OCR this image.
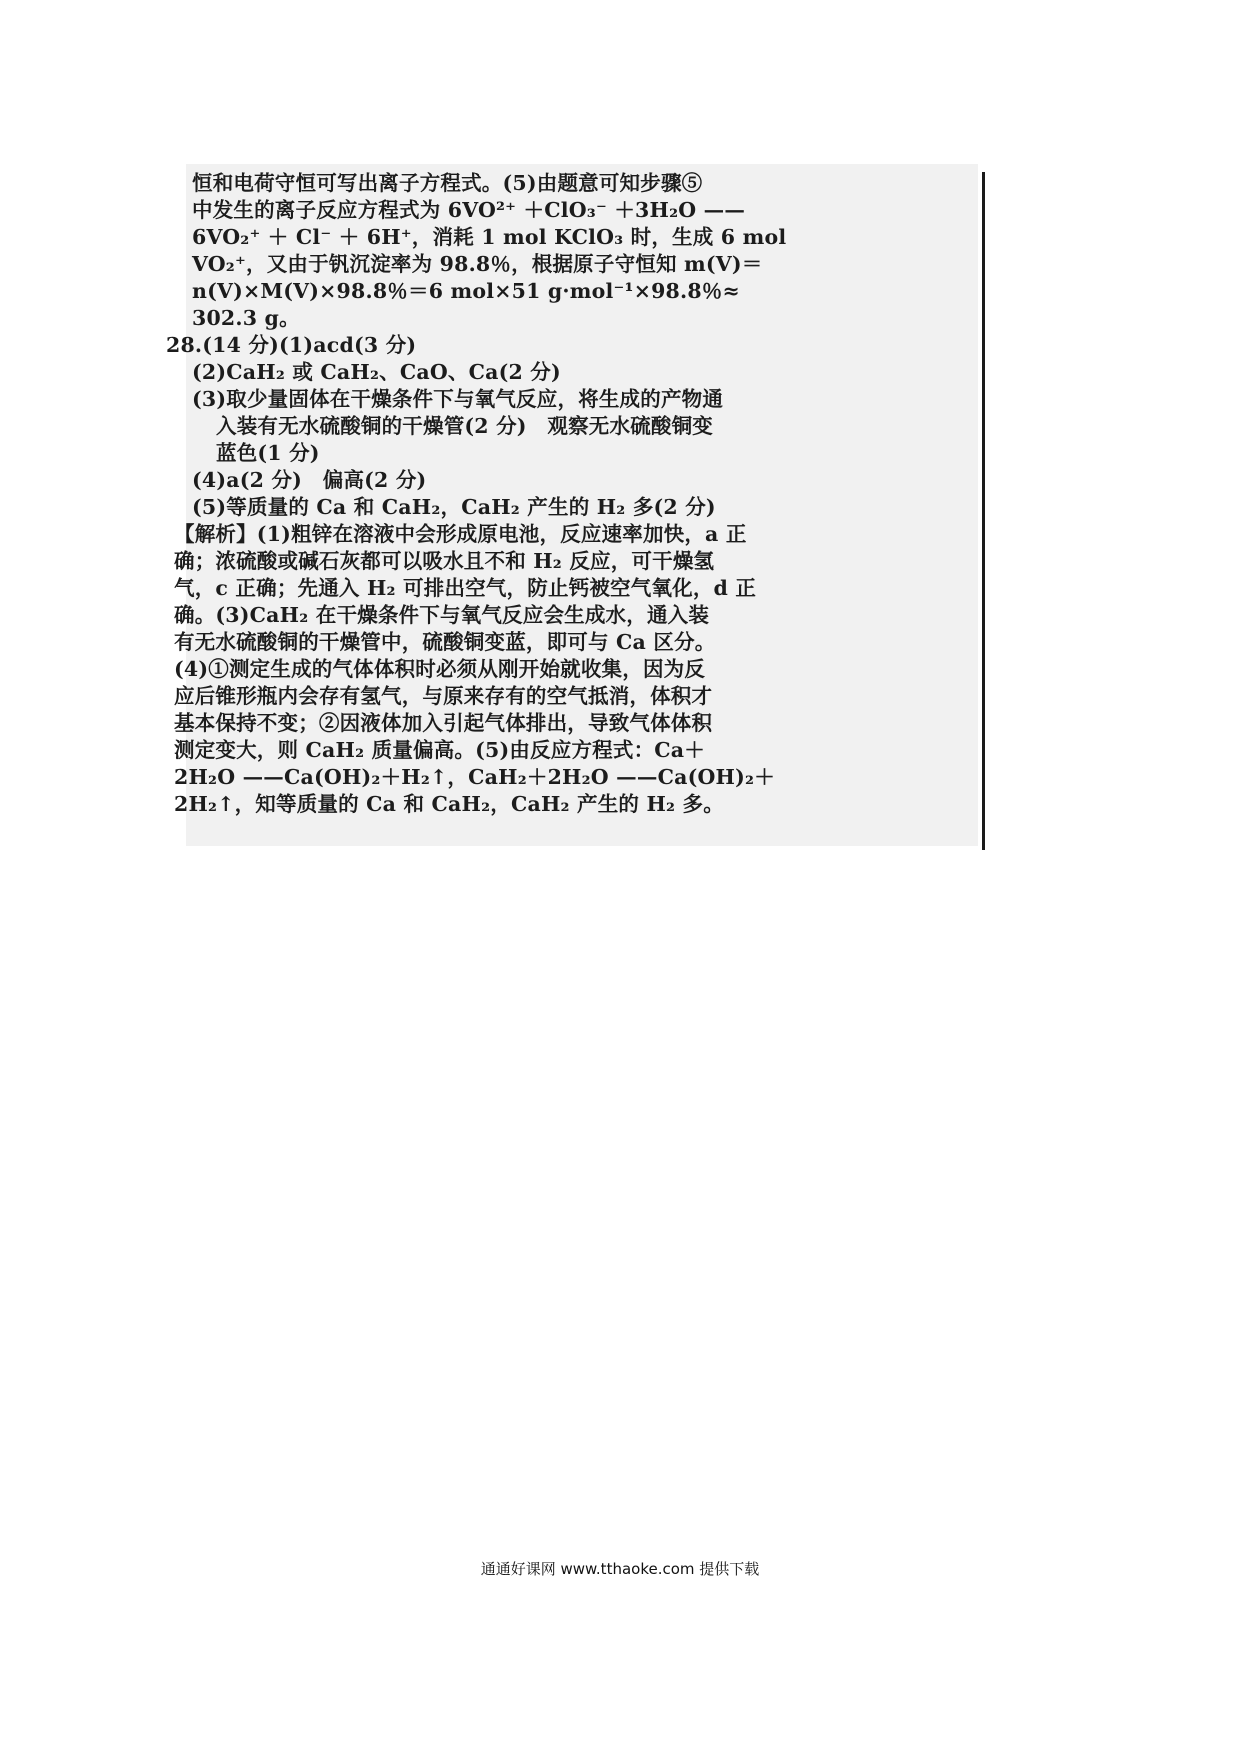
恒和电荷守恒可写出离子方程式。(5)由题意可知步骤⑤
中发生的离子反应方程式为 6VO²⁺ ＋ClO₃⁻ ＋3H₂O ——
6VO₂⁺ ＋ Cl⁻ ＋ 6H⁺，消耗 1 mol KClO₃ 时，生成 6 mol
VO₂⁺，又由于钒沉淀率为 98.8％，根据原子守恒知 m(V)＝
n(V)×M(V)×98.8％＝6 mol×51 g·mol⁻¹×98.8％≈
302.3 g。
28.(14 分)(1)acd(3 分)
(2)CaH₂ 或 CaH₂、CaO、Ca(2 分)
(3)取少量固体在干燥条件下与氧气反应，将生成的产物通
入装有无水硫酸铜的干燥管(2 分)　观察无水硫酸铜变
蓝色(1 分)
(4)a(2 分)　偏高(2 分)
(5)等质量的 Ca 和 CaH₂，CaH₂ 产生的 H₂ 多(2 分)
【解析】(1)粗锌在溶液中会形成原电池，反应速率加快，a 正
确；浓硫酸或碱石灰都可以吸水且不和 H₂ 反应，可干燥氢
气，c 正确；先通入 H₂ 可排出空气，防止钙被空气氧化，d 正
确。(3)CaH₂ 在干燥条件下与氧气反应会生成水，通入装
有无水硫酸铜的干燥管中，硫酸铜变蓝，即可与 Ca 区分。
(4)①测定生成的气体体积时必须从刚开始就收集，因为反
应后锥形瓶内会存有氢气，与原来存有的空气抵消，体积才
基本保持不变；②因液体加入引起气体排出，导致气体体积
测定变大，则 CaH₂ 质量偏高。(5)由反应方程式：Ca＋
2H₂O ——Ca(OH)₂＋H₂↑，CaH₂＋2H₂O ——Ca(OH)₂＋
2H₂↑，知等质量的 Ca 和 CaH₂，CaH₂ 产生的 H₂ 多。
通通好课网 www.tthaoke.com 提供下载
